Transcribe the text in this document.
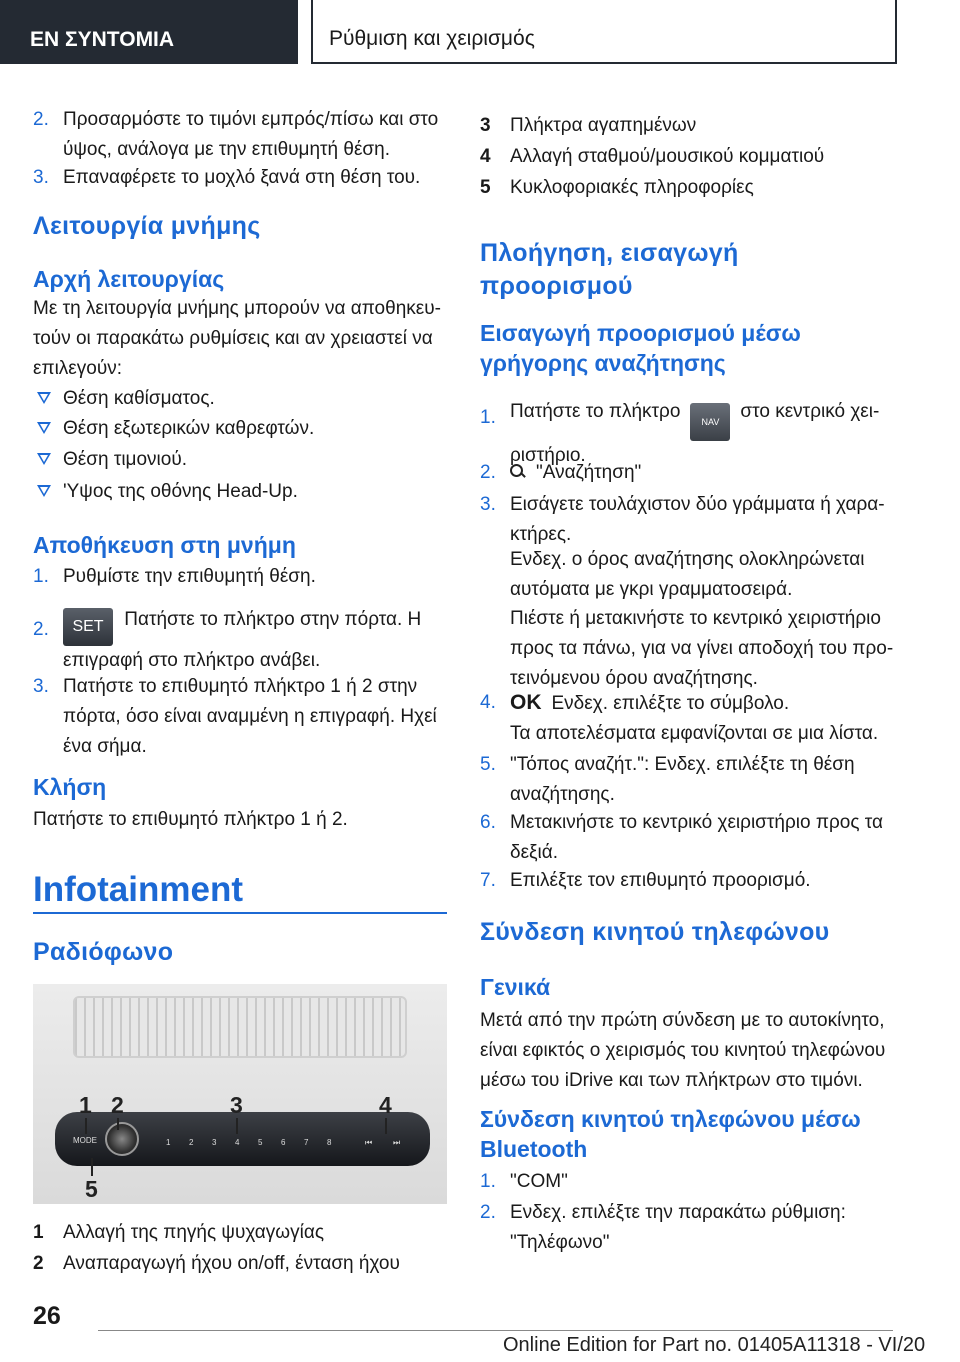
ΕΝ ΣΥΝΤΟΜΙΑ	Ρύθμιση και χειρισμός
2. Προσαρμόστε το τιμόνι εμπρός/πίσω και στο ύψος, ανάλογα με την επιθυμητή θέση.
3. Επαναφέρετε το μοχλό ξανά στη θέση του.
Λειτουργία μνήμης
Αρχή λειτουργίας
Με τη λειτουργία μνήμης μπορούν να αποθηκευ-τούν οι παρακάτω ρυθμίσεις και αν χρειαστεί να επιλεγούν:
Θέση καθίσματος.
Θέση εξωτερικών καθρεφτών.
Θέση τιμονιού.
'Υψος της οθόνης Head-Up.
Αποθήκευση στη μνήμη
1. Ρυθμίστε την επιθυμητή θέση.
2. SET Πατήστε το πλήκτρο στην πόρτα. Η επιγραφή στο πλήκτρο ανάβει.
3. Πατήστε το επιθυμητό πλήκτρο 1 ή 2 στην πόρτα, όσο είναι αναμμένη η επιγραφή. Ηχεί ένα σήμα.
Κλήση
Πατήστε το επιθυμητό πλήκτρο 1 ή 2.
Infotainment
Ραδιόφωνο
1 Αλλαγή της πηγής ψυχαγωγίας
2 Αναπαραγωγή ήχου on/off, ένταση ήχου
MODE
VOL
1 2 3 4 5 6 7 8	⏮	⏭
1 2	3	4
5
3 Πλήκτρα αγαπημένων
4 Αλλαγή σταθμού/μουσικού κομματιού
5 Κυκλοφοριακές πληροφορίες
Πλοήγηση, εισαγωγή προορισμού
Εισαγωγή προορισμού μέσω γρήγορης αναζήτησης
1. Πατήστε το πλήκτρο NAV στο κεντρικό χει-ριστήριο.
2. "Αναζήτηση"
3. Εισάγετε τουλάχιστον δύο γράμματα ή χαρα-κτήρες.
Ενδεχ. ο όρος αναζήτησης ολοκληρώνεται αυτόματα με γκρι γραμματοσειρά.
Πιέστε ή μετακινήστε το κεντρικό χειριστήριο προς τα πάνω, για να γίνει αποδοχή του προ-τεινόμενου όρου αναζήτησης.
4. OK Ενδεχ. επιλέξτε το σύμβολο.
Τα αποτελέσματα εμφανίζονται σε μια λίστα.
5. "Τόπος αναζήτ.": Ενδεχ. επιλέξτε τη θέση αναζήτησης.
6. Μετακινήστε το κεντρικό χειριστήριο προς τα δεξιά.
7. Επιλέξτε τον επιθυμητό προορισμό.
Σύνδεση κινητού τηλεφώνου
Γενικά
Μετά από την πρώτη σύνδεση με το αυτοκίνητο, είναι εφικτός ο χειρισμός του κινητού τηλεφώνου μέσω του iDrive και των πλήκτρων στο τιμόνι.
Σύνδεση κινητού τηλεφώνου μέσω Bluetooth
1. "COM"
2. Ενδεχ. επιλέξτε την παρακάτω ρύθμιση: "Τηλέφωνο"
26
Online Edition for Part no. 01405A11318 - VI/20
